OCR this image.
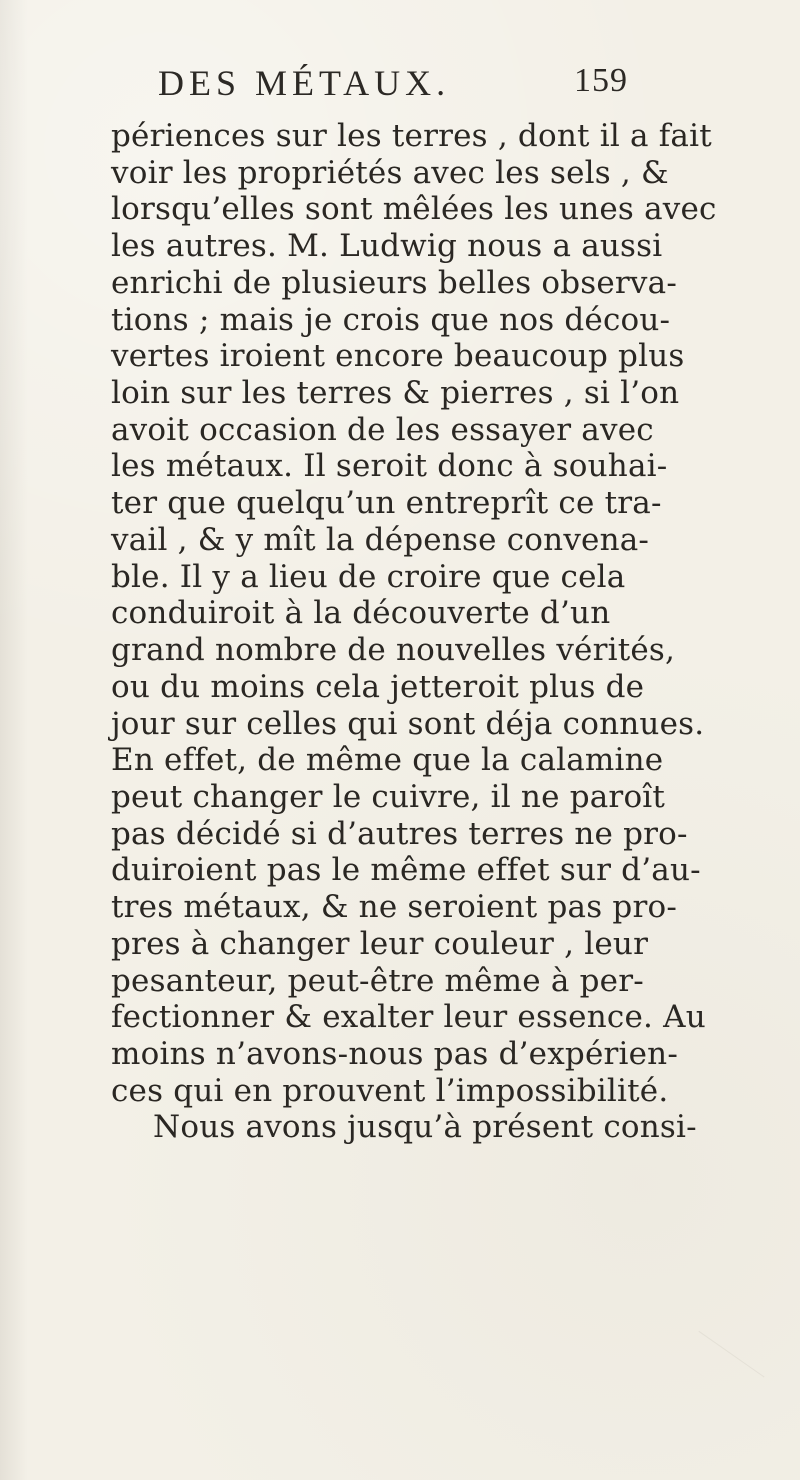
DES MÉTAUX.	159
périences sur les terres , dont il a fait
voir les propriétés avec les sels , &
lorsqu’elles sont mêlées les unes avec
les autres. M. Ludwig nous a aussi
enrichi de plusieurs belles observa-
tions ; mais je crois que nos décou-
vertes iroient encore beaucoup plus
loin sur les terres & pierres , si l’on
avoit occasion de les essayer avec
les métaux. Il seroit donc à souhai-
ter que quelqu’un entreprît ce tra-
vail , & y mît la dépense convena-
ble. Il y a lieu de croire que cela
conduiroit à la découverte d’un
grand nombre de nouvelles vérités,
ou du moins cela jetteroit plus de
jour sur celles qui sont déja connues.
En effet, de même que la calamine
peut changer le cuivre, il ne paroît
pas décidé si d’autres terres ne pro-
duiroient pas le même effet sur d’au-
tres métaux, & ne seroient pas pro-
pres à changer leur couleur , leur
pesanteur, peut-être même à per-
fectionner & exalter leur essence. Au
moins n’avons-nous pas d’expérien-
ces qui en prouvent l’impossibilité.
Nous avons jusqu’à présent consi-
